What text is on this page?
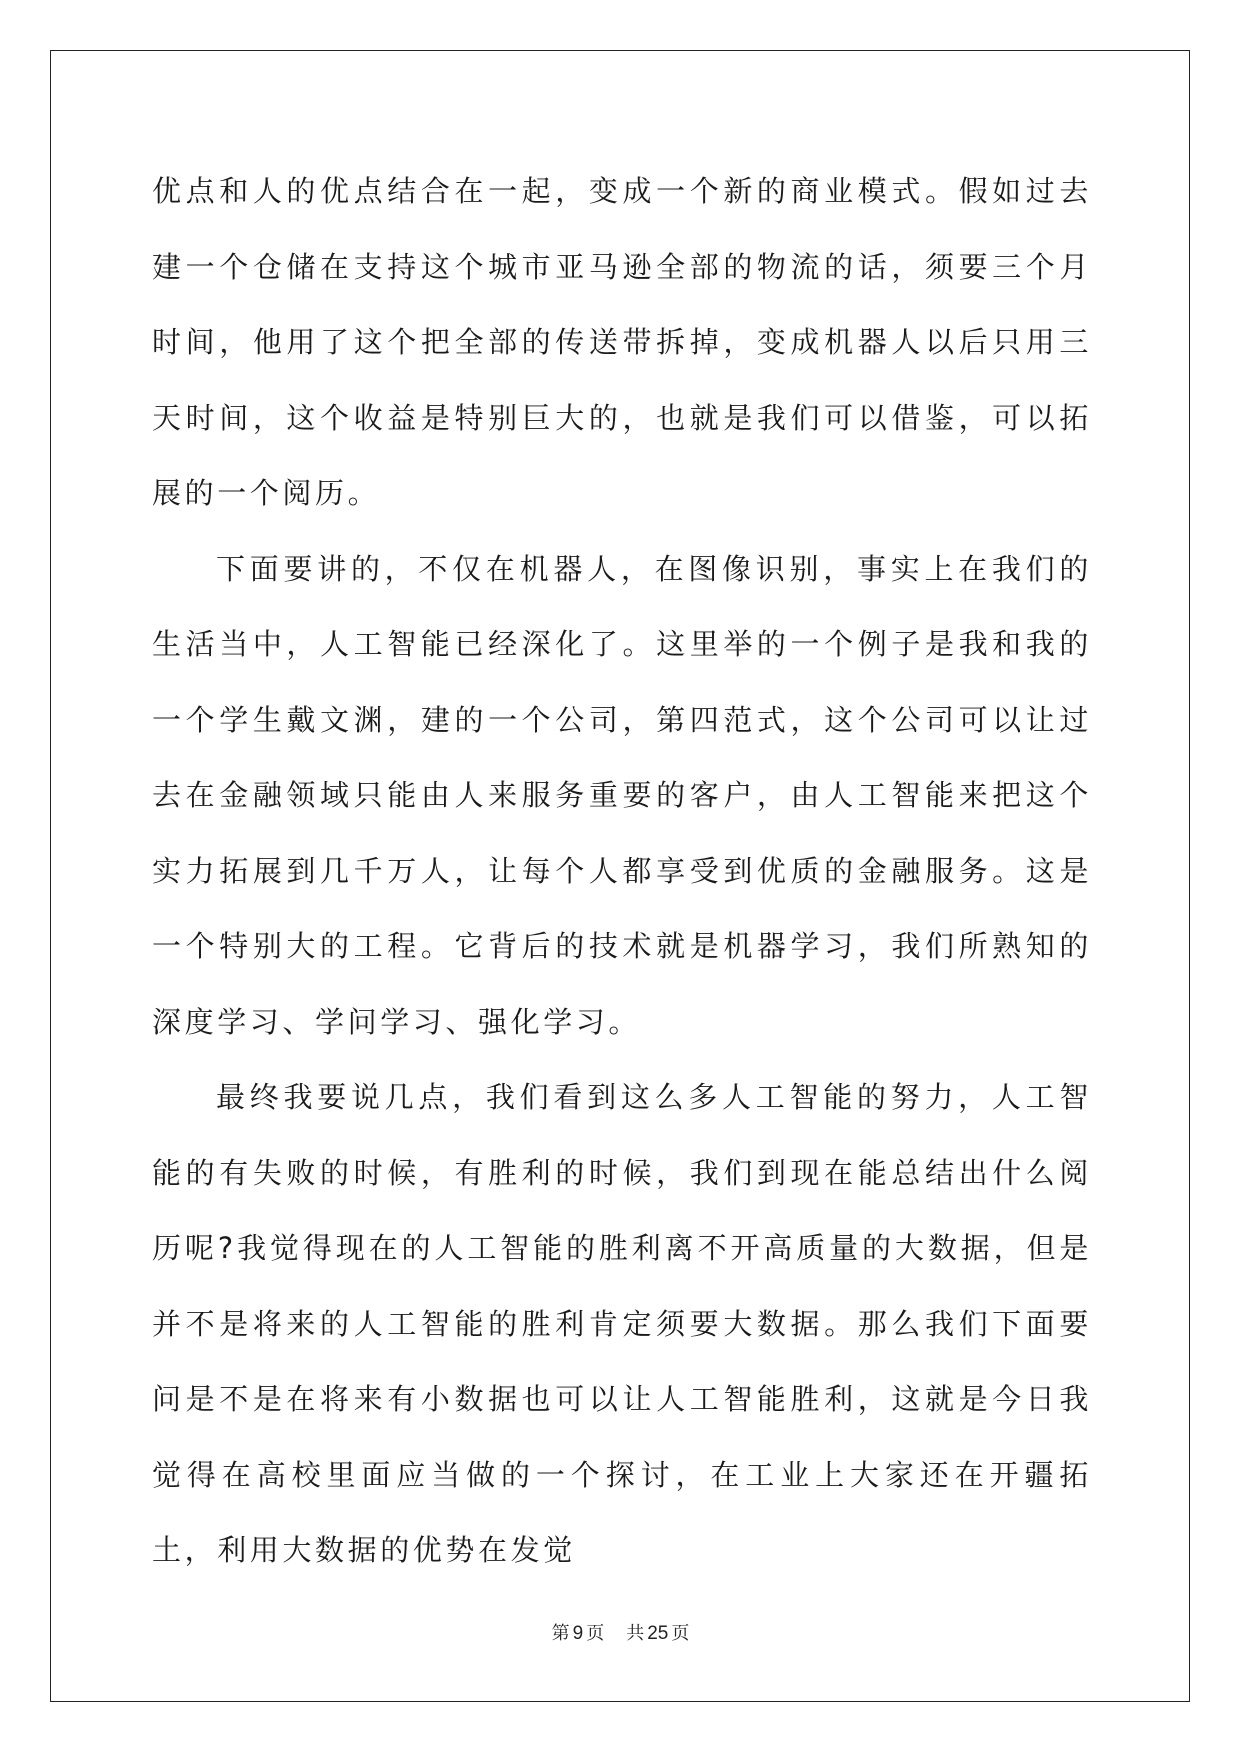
优点和人的优点结合在一起，变成一个新的商业模式。假如过去建一个仓储在支持这个城市亚马逊全部的物流的话，须要三个月时间，他用了这个把全部的传送带拆掉，变成机器人以后只用三天时间，这个收益是特别巨大的，也就是我们可以借鉴，可以拓展的一个阅历。

下面要讲的，不仅在机器人，在图像识别，事实上在我们的生活当中，人工智能已经深化了。这里举的一个例子是我和我的一个学生戴文渊，建的一个公司，第四范式，这个公司可以让过去在金融领域只能由人来服务重要的客户，由人工智能来把这个实力拓展到几千万人，让每个人都享受到优质的金融服务。这是一个特别大的工程。它背后的技术就是机器学习，我们所熟知的深度学习、学问学习、强化学习。

最终我要说几点，我们看到这么多人工智能的努力，人工智能的有失败的时候，有胜利的时候，我们到现在能总结出什么阅历呢?我觉得现在的人工智能的胜利离不开高质量的大数据，但是并不是将来的人工智能的胜利肯定须要大数据。那么我们下面要问是不是在将来有小数据也可以让人工智能胜利，这就是今日我觉得在高校里面应当做的一个探讨，在工业上大家还在开疆拓土，利用大数据的优势在发觉

第 9 页 共 25 页
